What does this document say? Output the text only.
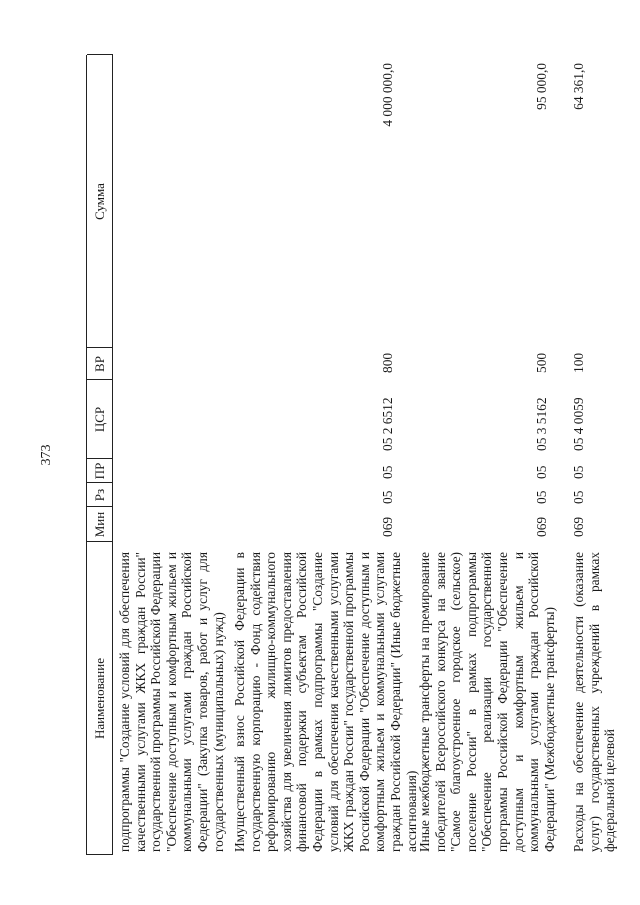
373
Наименование
Мин
Рз
ПР
ЦСР
ВР
Сумма
подпрограммы "Создание условий для обеспечения качественными услугами ЖКХ граждан России" государственной программы Российской Федерации "Обеспечение доступным и комфортным жильем и коммунальными услугами граждан Российской Федерации" (Закупка товаров, работ и услуг для государственных (муниципальных) нужд) Имущественный взнос Российской Федерации в государственную корпорацию - Фонд содействия реформированию жилищно-коммунального хозяйства для увеличения лимитов предоставления финансовой подержки субъектам Российской Федерации в рамках подпрограммы "Создание условий для обеспечения качественными услугами ЖКХ граждан России" государственной программы Российской Федерации "Обеспечение доступным и комфортным жильем и коммунальными услугами граждан Российской Федерации" (Иные бюджетные ассигнования)
069
05
05
05 2 6512
800
4 000 000,0
Иные межбюджетные трансферты на премирование победителей Всероссийского конкурса на звание "Самое благоустроенное городское (сельское) поселение России" в рамках подпрограммы "Обеспечение реализации государственной программы Российской Федерации "Обеспечение доступным и комфортным жильем и коммунальными услугами граждан Российской Федерации" (Межбюджетные трансферты)
069
05
05
05 3 5162
500
95 000,0
Расходы на обеспечение деятельности (оказание услуг) государственных учреждений в рамках федеральной целевой
069
05
05
05 4 0059
100
64 361,0
